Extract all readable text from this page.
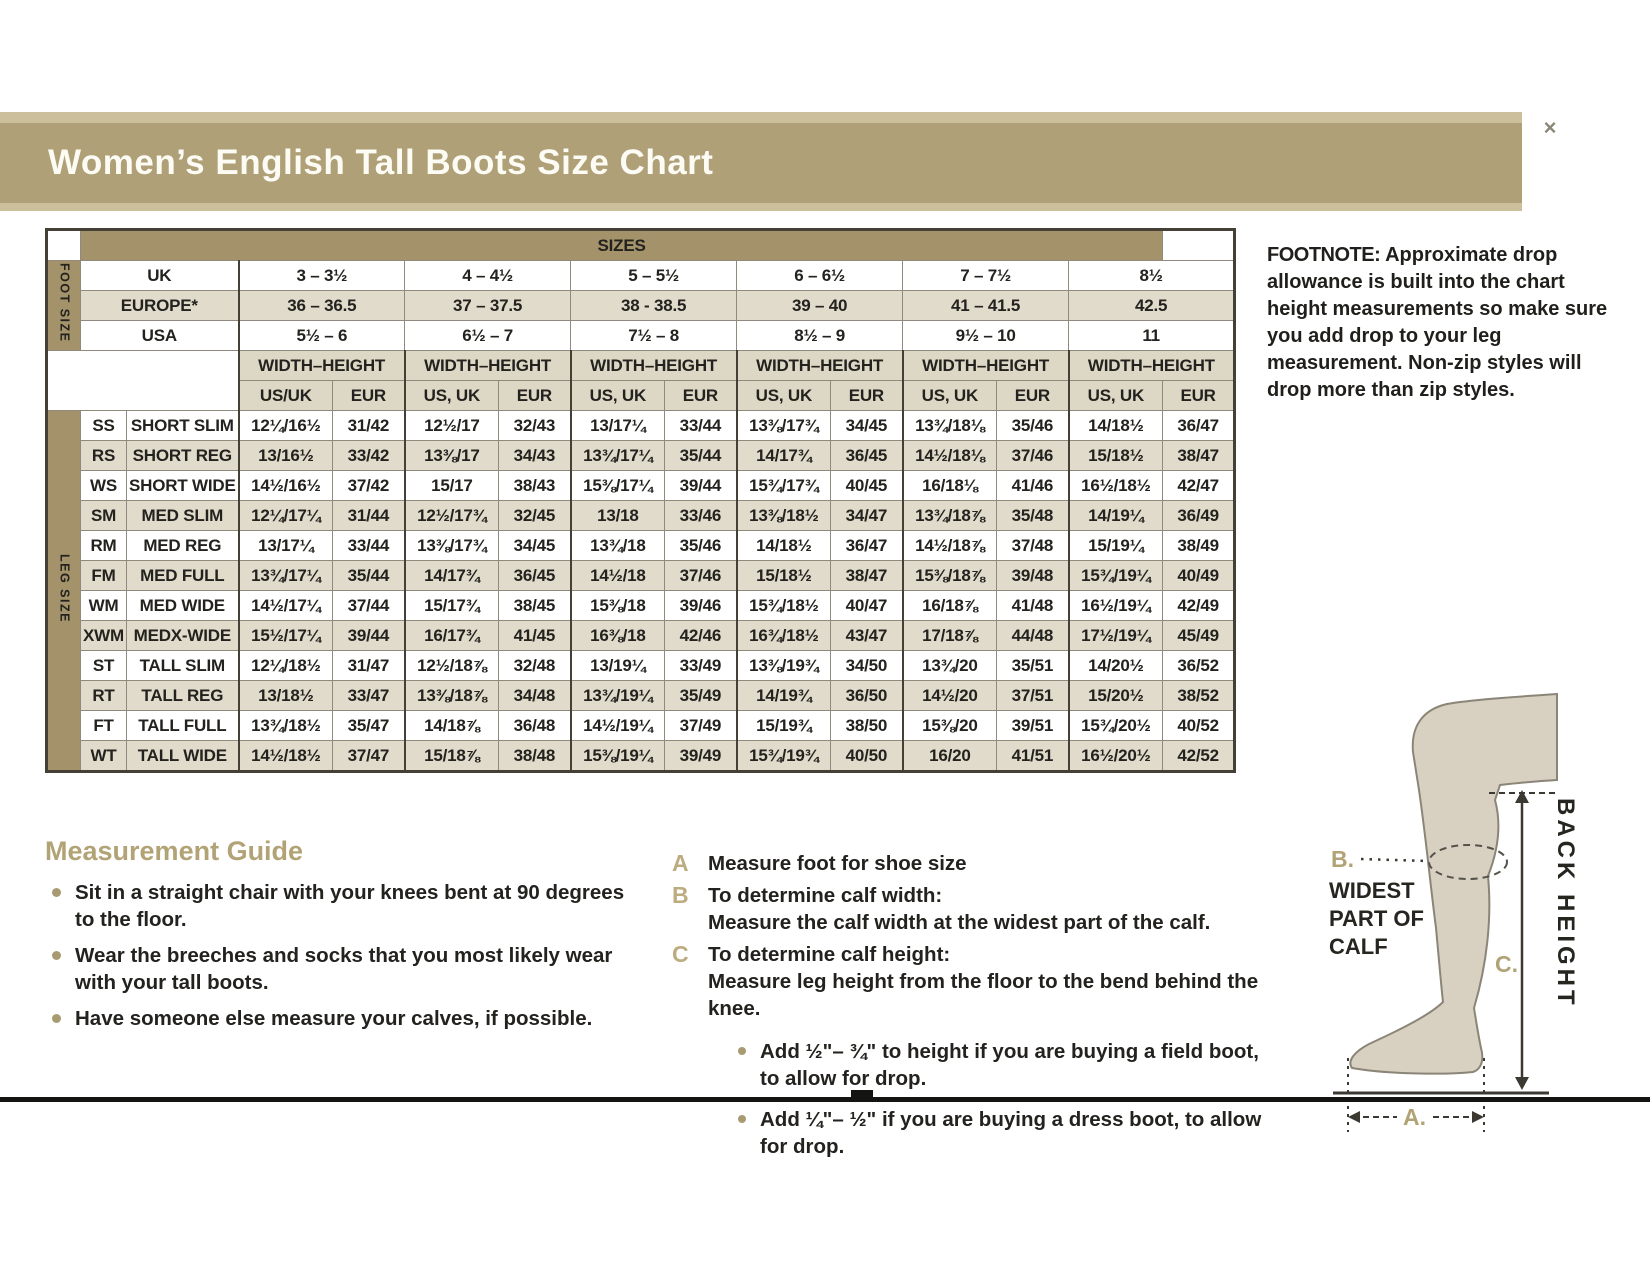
Women’s English Tall Boots Size Chart
×
	SIZES													
FOOT SIZE	UK		3 – 3½		4 – 4½		5 – 5½		6 – 6½		7 – 7½		8½	
	EUROPE*		36 – 36.5		37 – 37.5		38 - 38.5		39 – 40		41 – 41.5		42.5	
	USA		5½ – 6		6½ – 7		7½ – 8		8½ – 9		9½ – 10		11	
			WIDTH–HEIGHT		WIDTH–HEIGHT		WIDTH–HEIGHT		WIDTH–HEIGHT		WIDTH–HEIGHT		WIDTH–HEIGHT	
			US/UK	EUR	US, UK	EUR	US, UK	EUR	US, UK	EUR	US, UK	EUR	US, UK	EUR
LEG SIZE	SS	SHORT SLIM	12¼/16½	31/42	12½/17	32/43	13/17¼	33/44	13⅜/17¾	34/45	13¾/18⅛	35/46	14/18½	36/47
	RS	SHORT REG	13/16½	33/42	13⅜/17	34/43	13¾/17¼	35/44	14/17¾	36/45	14½/18⅛	37/46	15/18½	38/47
	WS	SHORT WIDE	14½/16½	37/42	15/17	38/43	15⅜/17¼	39/44	15¾/17¾	40/45	16/18⅛	41/46	16½/18½	42/47
	SM	MED SLIM	12¼/17¼	31/44	12½/17¾	32/45	13/18	33/46	13⅜/18½	34/47	13¾/18⅞	35/48	14/19¼	36/49
	RM	MED REG	13/17¼	33/44	13⅜/17¾	34/45	13¾/18	35/46	14/18½	36/47	14½/18⅞	37/48	15/19¼	38/49
	FM	MED FULL	13¾/17¼	35/44	14/17¾	36/45	14½/18	37/46	15/18½	38/47	15⅜/18⅞	39/48	15¾/19¼	40/49
	WM	MED WIDE	14½/17¼	37/44	15/17¾	38/45	15⅜/18	39/46	15¾/18½	40/47	16/18⅞	41/48	16½/19¼	42/49
	XWM	MEDX-WIDE	15½/17¼	39/44	16/17¾	41/45	16⅜/18	42/46	16¾/18½	43/47	17/18⅞	44/48	17½/19¼	45/49
	ST	TALL SLIM	12¼/18½	31/47	12½/18⅞	32/48	13/19¼	33/49	13⅜/19¾	34/50	13¾/20	35/51	14/20½	36/52
	RT	TALL REG	13/18½	33/47	13⅜/18⅞	34/48	13¾/19¼	35/49	14/19¾	36/50	14½/20	37/51	15/20½	38/52
	FT	TALL FULL	13¾/18½	35/47	14/18⅞	36/48	14½/19¼	37/49	15/19¾	38/50	15⅜/20	39/51	15¾/20½	40/52
	WT	TALL WIDE	14½/18½	37/47	15/18⅞	38/48	15⅜/19¼	39/49	15¾/19¾	40/50	16/20	41/51	16½/20½	42/52

FOOTNOTE: Approximate drop allowance is built into the chart height measurements so make sure you add drop to your leg measurement. Non-zip styles will drop more than zip styles.

Measurement Guide
Sit in a straight chair with your knees bent at 90 degrees to the floor.
Wear the breeches and socks that you most likely wear with your tall boots.
Have someone else measure your calves, if possible.
A Measure foot for shoe size

B To determine calf width:

Measure the calf width at the widest part of the calf.

C To determine calf height:

Measure leg height from the floor to the bend behind the knee.

Add ½"– ¾" to height if you are buying a field boot, to allow for drop.
Add ¼"– ½" if you are buying a dress boot, to allow for drop.
B.
WIDEST
PART OF
CALF	BACK HEIGHT
C.
A.
